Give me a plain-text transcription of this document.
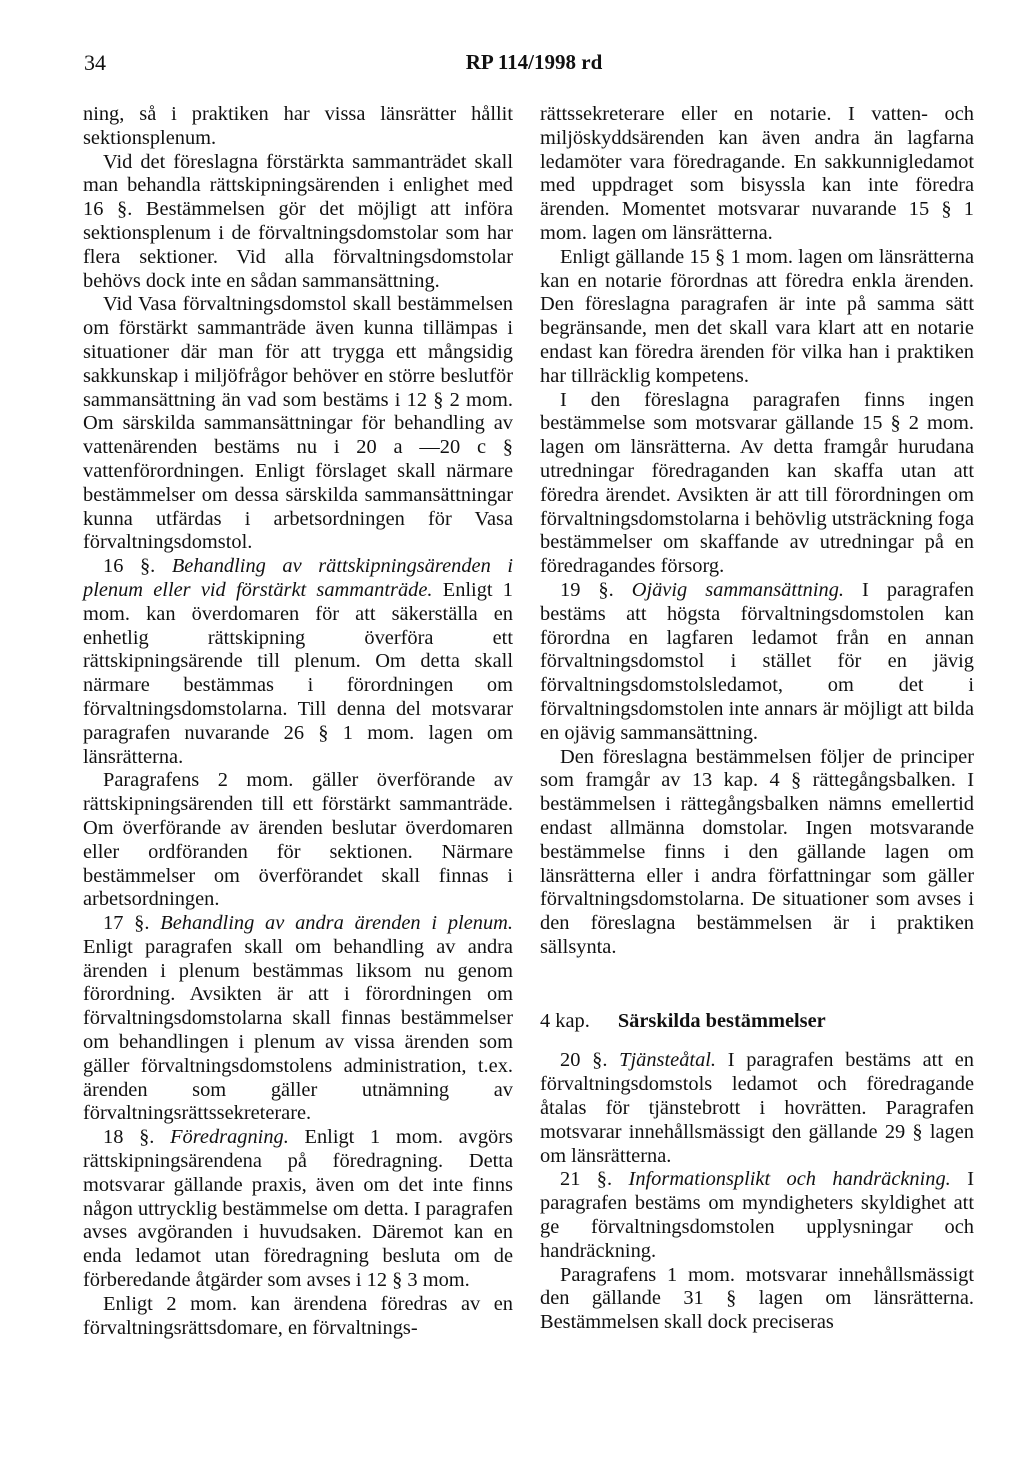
34	RP 114/1998 rd

ning, så i praktiken har vissa länsrätter hållit sektionsplenum.

Vid det föreslagna förstärkta sammanträdet skall man behandla rättskipningsärenden i enlighet med 16 §. Bestämmelsen gör det möjligt att införa sektionsplenum i de förvaltningsdomstolar som har flera sektioner. Vid alla förvaltningsdomstolar behövs dock inte en sådan sammansättning.

Vid Vasa förvaltningsdomstol skall bestämmelsen om förstärkt sammanträde även kunna tillämpas i situationer där man för att trygga ett mångsidig sakkunskap i miljöfrågor behöver en större beslutför sammansättning än vad som bestäms i 12 § 2 mom. Om särskilda sammansättningar för behandling av vattenärenden bestäms nu i 20 a —20 c § vattenförordningen. Enligt förslaget skall närmare bestämmelser om dessa särskilda sammansättningar kunna utfärdas i arbetsordningen för Vasa förvaltningsdomstol.

16 §. Behandling av rättskipningsärenden i plenum eller vid förstärkt sammanträde. Enligt 1 mom. kan överdomaren för att säkerställa en enhetlig rättskipning överföra ett rättskipningsärende till plenum. Om detta skall närmare bestämmas i förordningen om förvaltningsdomstolarna. Till denna del motsvarar paragrafen nuvarande 26 § 1 mom. lagen om länsrätterna.

Paragrafens 2 mom. gäller överförande av rättskipningsärenden till ett förstärkt sammanträde. Om överförande av ärenden beslutar överdomaren eller ordföranden för sektionen. Närmare bestämmelser om överförandet skall finnas i arbetsordningen.

17 §. Behandling av andra ärenden i plenum. Enligt paragrafen skall om behandling av andra ärenden i plenum bestämmas liksom nu genom förordning. Avsikten är att i förordningen om förvaltningsdomstolarna skall finnas bestämmelser om behandlingen i plenum av vissa ärenden som gäller förvaltningsdomstolens administration, t.ex. ärenden som gäller utnämning av förvaltningsrättssekreterare.

18 §. Föredragning. Enligt 1 mom. avgörs rättskipningsärendena på föredragning. Detta motsvarar gällande praxis, även om det inte finns någon uttrycklig bestämmelse om detta. I paragrafen avses avgöranden i huvudsaken. Däremot kan en enda ledamot utan föredragning besluta om de förberedande åtgärder som avses i 12 § 3 mom.

Enligt 2 mom. kan ärendena föredras av en förvaltningsrättsdomare, en förvaltnings-

rättssekreterare eller en notarie. I vatten- och miljöskyddsärenden kan även andra än lagfarna ledamöter vara föredragande. En sakkunnigledamot med uppdraget som bisyssla kan inte föredra ärenden. Momentet motsvarar nuvarande 15 § 1 mom. lagen om länsrätterna.

Enligt gällande 15 § 1 mom. lagen om länsrätterna kan en notarie förordnas att föredra enkla ärenden. Den föreslagna paragrafen är inte på samma sätt begränsande, men det skall vara klart att en notarie endast kan föredra ärenden för vilka han i praktiken har tillräcklig kompetens.

I den föreslagna paragrafen finns ingen bestämmelse som motsvarar gällande 15 § 2 mom. lagen om länsrätterna. Av detta framgår hurudana utredningar föredraganden kan skaffa utan att föredra ärendet. Avsikten är att till förordningen om förvaltningsdomstolarna i behövlig utsträckning foga bestämmelser om skaffande av utredningar på en föredragandes försorg.

19 §. Ojävig sammansättning. I paragrafen bestäms att högsta förvaltningsdomstolen kan förordna en lagfaren ledamot från en annan förvaltningsdomstol i stället för en jävig förvaltningsdomstolsledamot, om det i förvaltningsdomstolen inte annars är möjligt att bilda en ojävig sammansättning.

Den föreslagna bestämmelsen följer de principer som framgår av 13 kap. 4 § rättegångsbalken. I bestämmelsen i rättegångsbalken nämns emellertid endast allmänna domstolar. Ingen motsvarande bestämmelse finns i den gällande lagen om länsrätterna eller i andra författningar som gäller förvaltningsdomstolarna. De situationer som avses i den föreslagna bestämmelsen är i praktiken sällsynta.

4 kap. Särskilda bestämmelser

20 §. Tjänsteåtal. I paragrafen bestäms att en förvaltningsdomstols ledamot och föredragande åtalas för tjänstebrott i hovrätten. Paragrafen motsvarar innehållsmässigt den gällande 29 § lagen om länsrätterna.

21 §. Informationsplikt och handräckning. I paragrafen bestäms om myndigheters skyldighet att ge förvaltningsdomstolen upplysningar och handräckning.

Paragrafens 1 mom. motsvarar innehållsmässigt den gällande 31 § lagen om länsrätterna. Bestämmelsen skall dock preciseras
